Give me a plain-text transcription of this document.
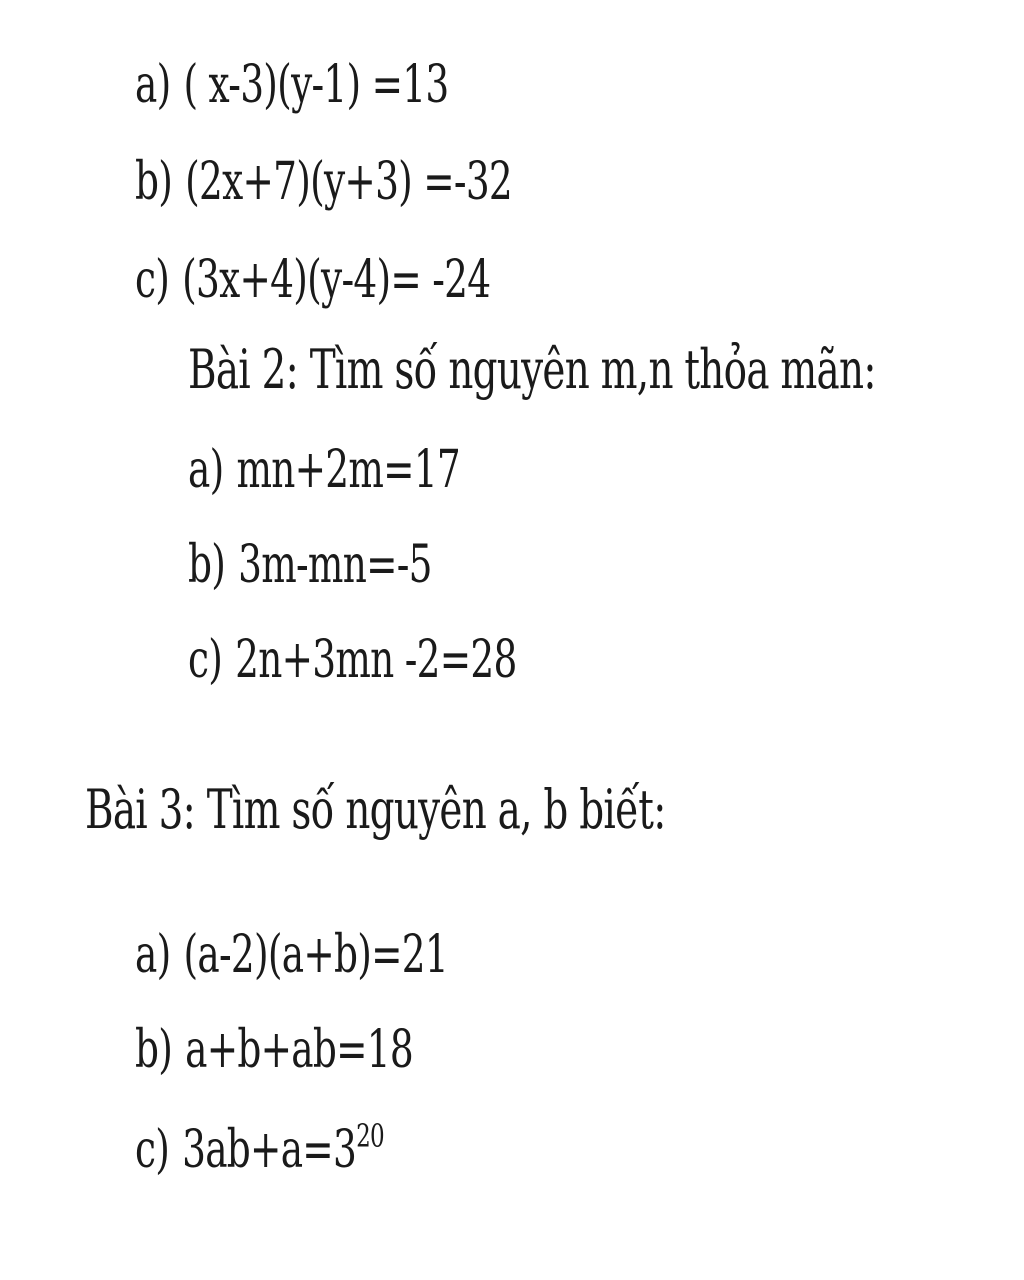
a) ( x-3)(y-1) =13
b) (2x+7)(y+3) =-32
c) (3x+4)(y-4)= -24
Bài 2: Tìm số nguyên m,n thỏa mãn:
a) mn+2m=17
b) 3m-mn=-5
c) 2n+3mn -2=28
Bài 3: Tìm số nguyên a, b biết:
a) (a-2)(a+b)=21
b) a+b+ab=18
c) $3ab+a=3^{20}$
